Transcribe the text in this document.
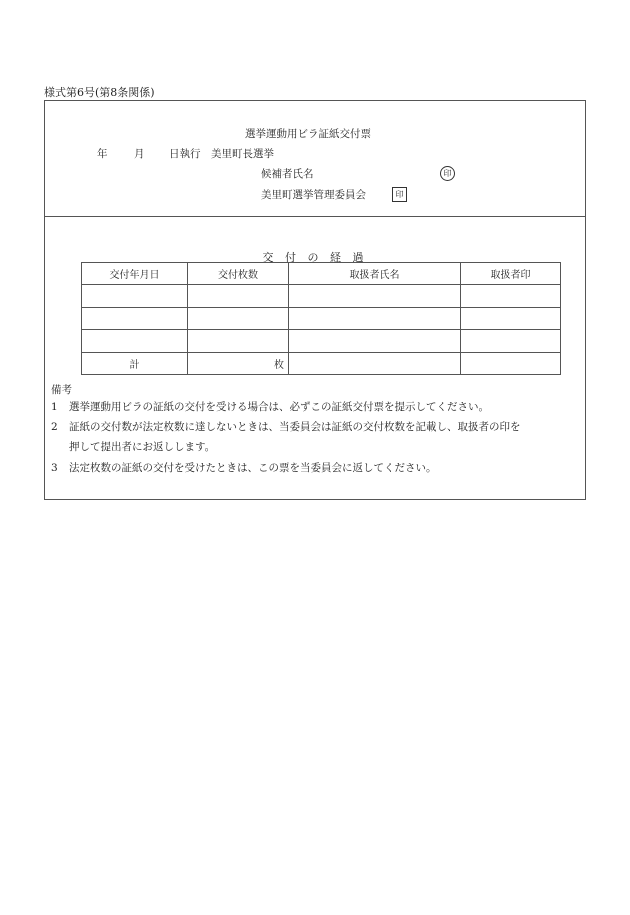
様式第6号(第8条関係)
選挙運動用ビラ証紙交付票
年	月 日執行　美里町長選挙
候補者氏名	印
美里町選挙管理委員会	印
交 付 の 経 過
交付年月日	交付枚数	取扱者氏名	取扱者印

計	枚		
備考
1	選挙運動用ビラの証紙の交付を受ける場合は、必ずこの証紙交付票を提示してください。
2	証紙の交付数が法定枚数に達しないときは、当委員会は証紙の交付枚数を記載し、取扱者の印を
押して提出者にお返しします。
3	法定枚数の証紙の交付を受けたときは、この票を当委員会に返してください。
